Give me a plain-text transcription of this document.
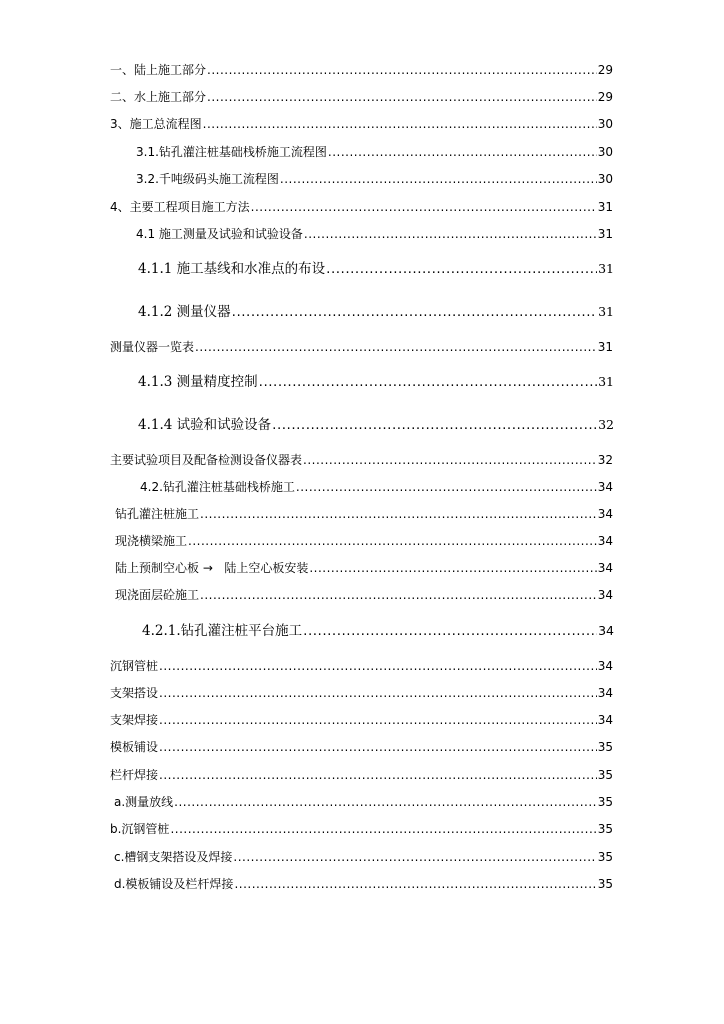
一、陆上施工部分 .....	29
二、水上施工部分 .....	29
3、施工总流程图 .....	30
3.1.钻孔灌注桩基础栈桥施工流程图 .....	30
3.2.千吨级码头施工流程图 .....	30
4、主要工程项目施工方法 .....	31
4.1 施工测量及试验和试验设备 .....	31
4.1.1 施工基线和水准点的布设 .....	31
4.1.2 测量仪器 .....	31
测量仪器一览表 .....	31
4.1.3 测量精度控制 .....	31
4.1.4 试验和试验设备 .....	32
主要试验项目及配备检测设备仪器表 .....	32
4.2.钻孔灌注桩基础栈桥施工 .....	34
钻孔灌注桩施工 .....	34
现浇横梁施工 .....	34
陆上预制空心板 →   陆上空心板安装 .....	34
现浇面层砼施工 .....	34
4.2.1.钻孔灌注桩平台施工 .....	34
沉钢管桩 .....	34
支架搭设 .....	34
支架焊接 .....	34
模板铺设 .....	35
栏杆焊接 .....	35
a.测量放线 .....	35
b.沉钢管桩 .....	35
c.槽钢支架搭设及焊接 .....	35
d.模板铺设及栏杆焊接 .....	35
